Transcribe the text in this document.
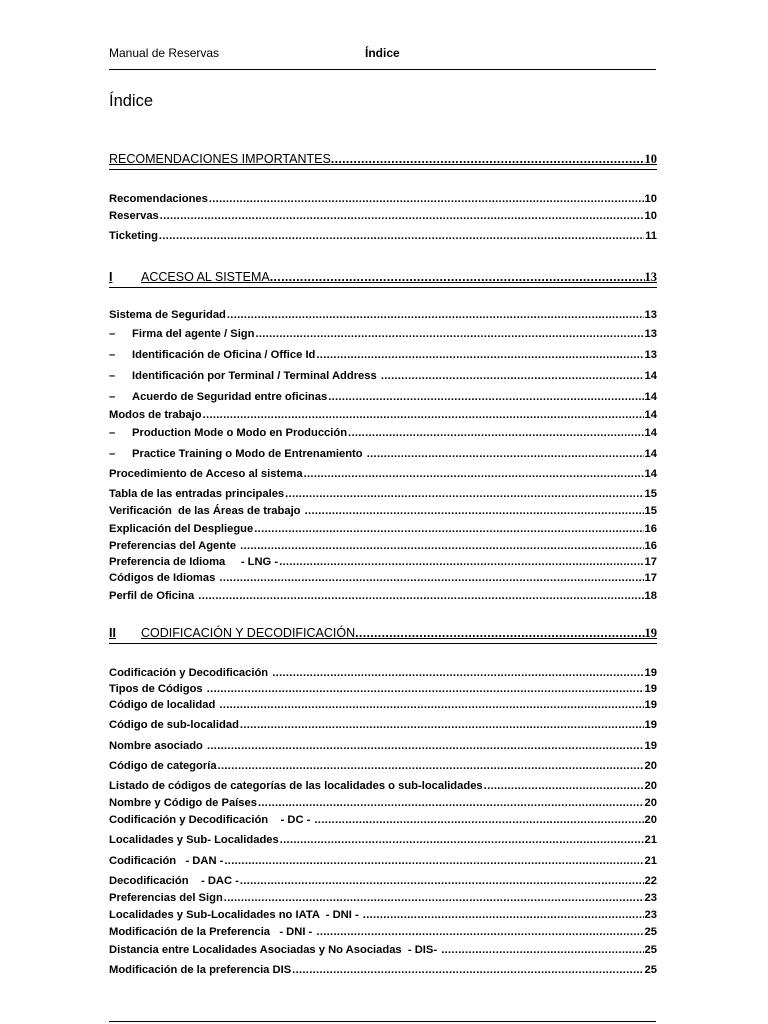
Manual de Reservas	Índice
Índice
RECOMENDACIONES IMPORTANTES .....	10
I	ACCESO AL SISTEMA .....	13
II	CODIFICACIÓN Y DECODIFICACIÓN .....	19
Recomendaciones .....	10
Reservas .....	10
Ticketing .....	11
Sistema de Seguridad .....	13
–	Firma del agente / Sign .....	13
–	Identificación de Oficina / Office Id .....	13
–	Identificación por Terminal / Terminal Address .....	14
–	Acuerdo de Seguridad entre oficinas .....	14
Modos de trabajo .....	14
–	Production Mode o Modo en Producción .....	14
–	Practice Training o Modo de Entrenamiento .....	14
Procedimiento de Acceso al sistema .....	14
Tabla de las entradas principales .....	15
Verificación  de las Áreas de trabajo .....	15
Explicación del Despliegue .....	16
Preferencias del Agente .....	16
Preferencia de Idioma     - LNG - .....	17
Códigos de Idiomas .....	17
Perfil de Oficina .....	18
Codificación y Decodificación .....	19
Tipos de Códigos .....	19
Código de localidad .....	19
Código de sub-localidad .....	19
Nombre asociado .....	19
Código de categoría .....	20
Listado de códigos de categorías de las localidades o sub-localidades .....	20
Nombre y Código de Países .....	20
Codificación y Decodificación    - DC - .....	20
Localidades y Sub- Localidades .....	21
Codificación   - DAN - .....	21
Decodificación    - DAC - .....	22
Preferencias del Sign .....	23
Localidades y Sub-Localidades no IATA  - DNI - .....	23
Modificación de la Preferencia   - DNI - .....	25
Distancia entre Localidades Asociadas y No Asociadas  - DIS- .....	25
Modificación de la preferencia DIS .....	25
